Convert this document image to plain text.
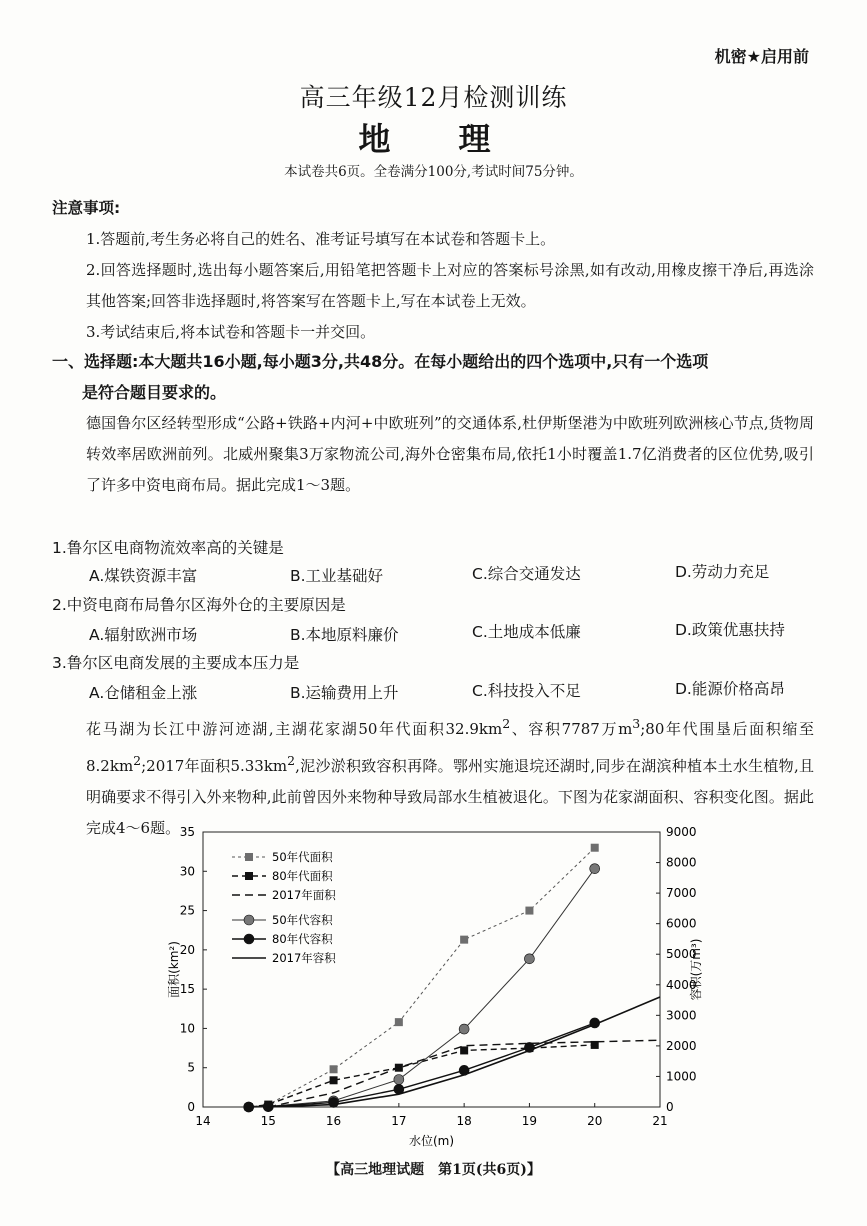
机密★启用前
高三年级12月检测训练
地　理
本试卷共6页。全卷满分100分,考试时间75分钟。
注意事项:
1.答题前,考生务必将自己的姓名、准考证号填写在本试卷和答题卡上。
2.回答选择题时,选出每小题答案后,用铅笔把答题卡上对应的答案标号涂黑,如有改动,用橡皮擦干净后,再选涂其他答案;回答非选择题时,将答案写在答题卡上,写在本试卷上无效。
3.考试结束后,将本试卷和答题卡一并交回。
一、选择题:本大题共16小题,每小题3分,共48分。在每小题给出的四个选项中,只有一个选项
是符合题目要求的。
德国鲁尔区经转型形成“公路+铁路+内河+中欧班列”的交通体系,杜伊斯堡港为中欧班列欧洲核心节点,货物周转效率居欧洲前列。北威州聚集3万家物流公司,海外仓密集布局,依托1小时覆盖1.7亿消费者的区位优势,吸引了许多中资电商布局。据此完成1～3题。
1.鲁尔区电商物流效率高的关键是
A.煤铁资源丰富	B.工业基础好	C.综合交通发达	D.劳动力充足
2.中资电商布局鲁尔区海外仓的主要原因是
A.辐射欧洲市场	B.本地原料廉价	C.土地成本低廉	D.政策优惠扶持
3.鲁尔区电商发展的主要成本压力是
A.仓储租金上涨	B.运输费用上升	C.科技投入不足	D.能源价格高昂
花马湖为长江中游河迹湖,主湖花家湖50年代面积$32.9km^2$、容积7787万$m^3;80$年代围垦后面积缩至$8.2km^2;2017$年面积$5.33km^2$,泥沙淤积致容积再降。鄂州实施退垸还湖时,同步在湖滨种植本土水生植物,且明确要求不得引入外来物种,此前曾因外来物种导致局部水生植被退化。下图为花家湖面积、容积变化图。据此完成4～6题。
14	15	16	17	18	19	20	21
0
5
10
15
20
25
30
35
0
1000
2000
3000
4000
5000
6000
7000
8000
9000
水位(m)
面积(km²)	容积(万m³)
50年代面积
80年代面积
2017年面积
50年代容积
80年代容积
2017年容积
【高三地理试题　第1页(共6页)】
